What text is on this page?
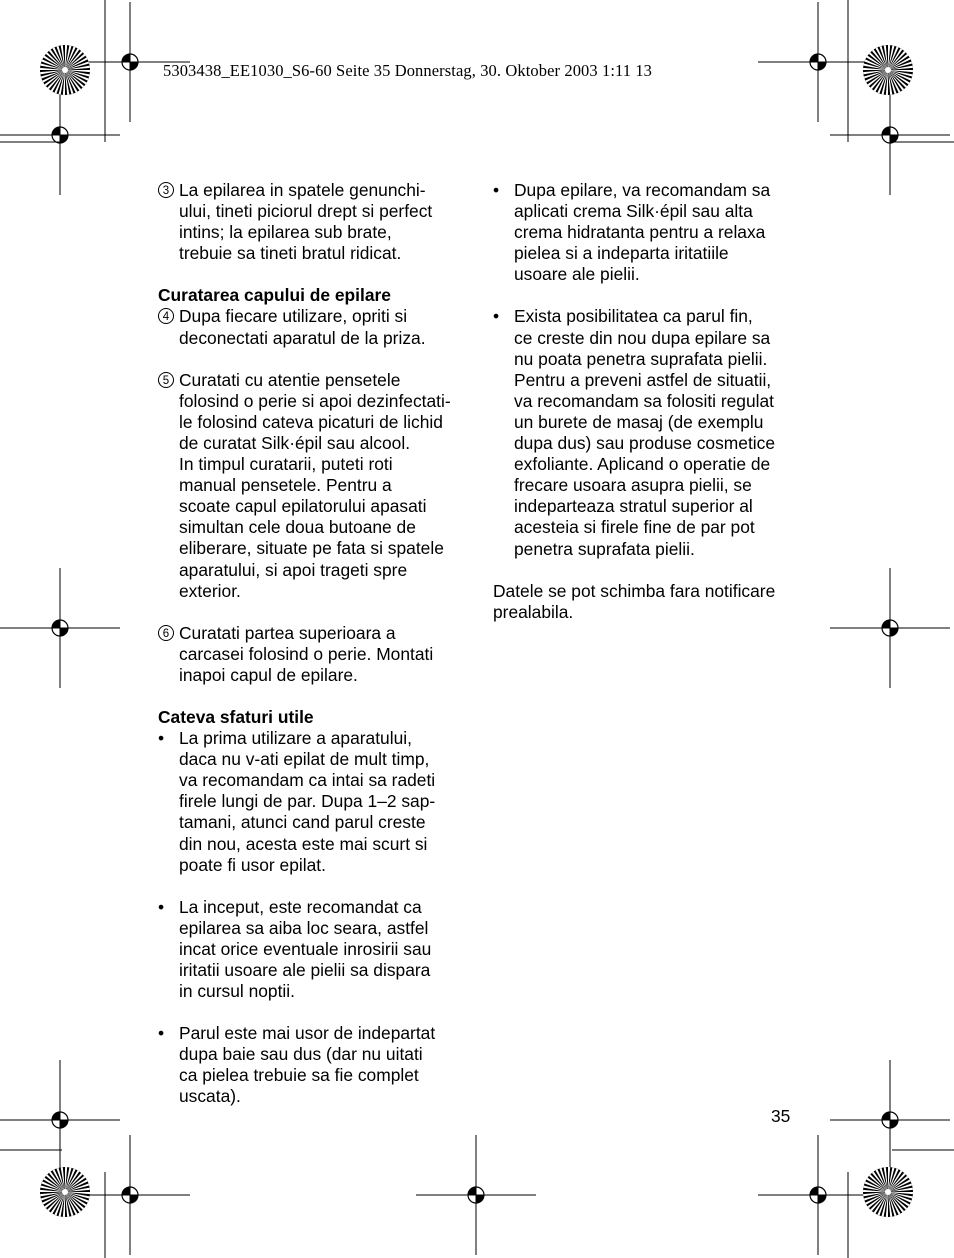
5303438_EE1030_S6-60 Seite 35 Donnerstag, 30. Oktober 2003 1:11 13
3 La epilarea in spatele genunchi-
ului, tineti piciorul drept si perfect
intins; la epilarea sub brate,
trebuie sa tineti bratul ridicat.
Curatarea capului de epilare
4 Dupa fiecare utilizare, opriti si
deconectati aparatul de la priza.
5 Curatati cu atentie pensetele
folosind o perie si apoi dezinfectati-
le folosind cateva picaturi de lichid
de curatat Silk·épil sau alcool.
In timpul curatarii, puteti roti
manual pensetele. Pentru a
scoate capul epilatorului apasati
simultan cele doua butoane de
eliberare, situate pe fata si spatele
aparatului, si apoi trageti spre
exterior.
6 Curatati partea superioara a
carcasei folosind o perie. Montati
inapoi capul de epilare.
Cateva sfaturi utile
• La prima utilizare a aparatului,
daca nu v-ati epilat de mult timp,
va recomandam ca intai sa radeti
firele lungi de par. Dupa 1–2 sap-
tamani, atunci cand parul creste
din nou, acesta este mai scurt si
poate fi usor epilat.
• La inceput, este recomandat ca
epilarea sa aiba loc seara, astfel
incat orice eventuale inrosirii sau
iritatii usoare ale pielii sa dispara
in cursul noptii.
• Parul este mai usor de indepartat
dupa baie sau dus (dar nu uitati
ca pielea trebuie sa fie complet
uscata).
• Dupa epilare, va recomandam sa
aplicati crema Silk·épil sau alta
crema hidratanta pentru a relaxa
pielea si a indeparta iritatiile
usoare ale pielii.
• Exista posibilitatea ca parul fin,
ce creste din nou dupa epilare sa
nu poata penetra suprafata pielii.
Pentru a preveni astfel de situatii,
va recomandam sa folositi regulat
un burete de masaj (de exemplu
dupa dus) sau produse cosmetice
exfoliante. Aplicand o operatie de
frecare usoara asupra pielii, se
indeparteaza stratul superior al
acesteia si firele fine de par pot
penetra suprafata pielii.
Datele se pot schimba fara notificare
prealabila.
35
